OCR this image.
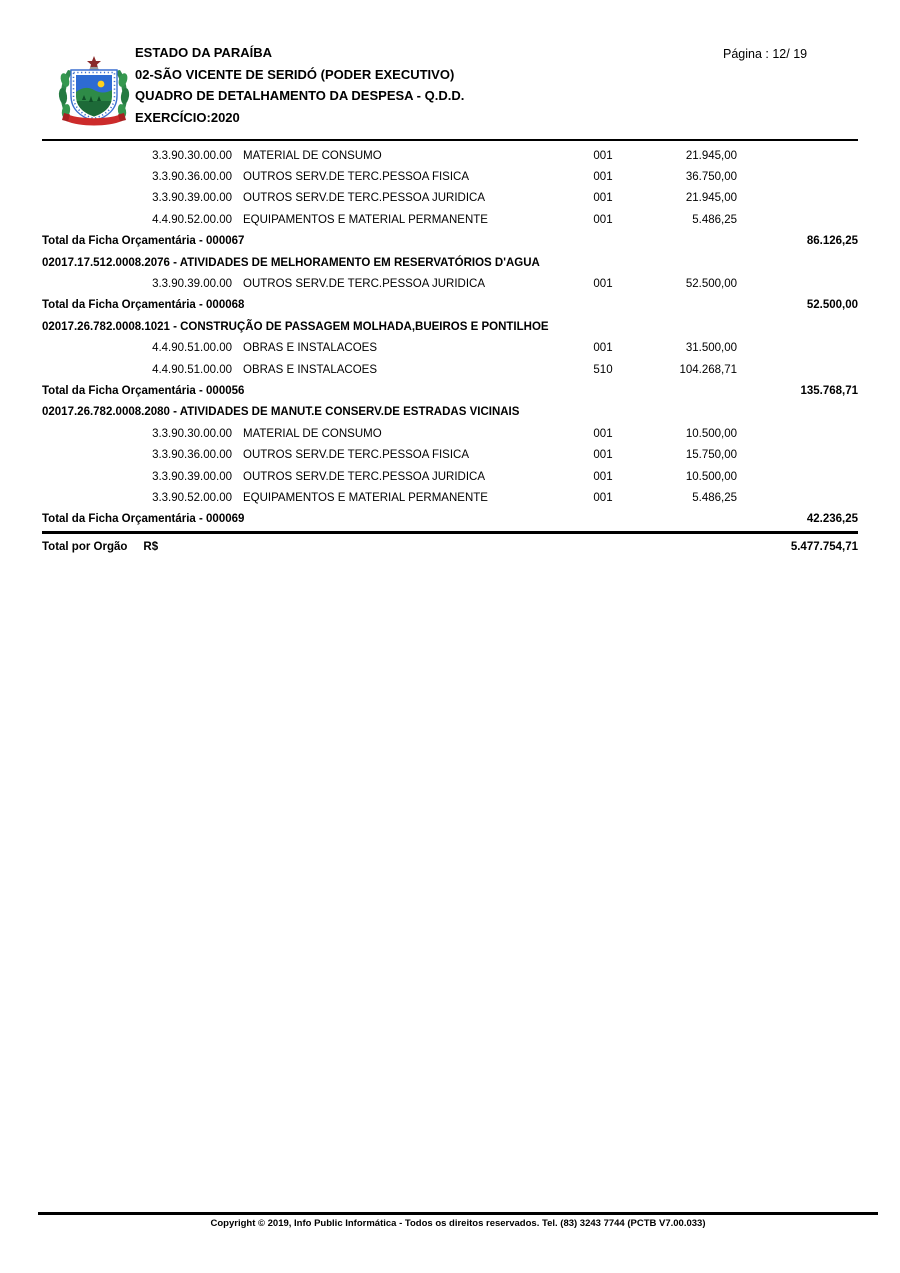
ESTADO DA PARAÍBA
02-SÃO VICENTE DE SERIDÓ (PODER EXECUTIVO)
QUADRO DE DETALHAMENTO DA DESPESA - Q.D.D.
EXERCÍCIO:2020
Página : 12/ 19
3.3.90.30.00.00 MATERIAL DE CONSUMO	001	21.945,00
3.3.90.36.00.00 OUTROS SERV.DE TERC.PESSOA FISICA	001	36.750,00
3.3.90.39.00.00 OUTROS SERV.DE TERC.PESSOA JURIDICA	001	21.945,00
4.4.90.52.00.00 EQUIPAMENTOS E MATERIAL PERMANENTE	001	5.486,25
Total da Ficha Orçamentária - 000067	86.126,25
02017.17.512.0008.2076 - ATIVIDADES DE MELHORAMENTO EM RESERVATÓRIOS D'AGUA
3.3.90.39.00.00 OUTROS SERV.DE TERC.PESSOA JURIDICA	001	52.500,00
Total da Ficha Orçamentária - 000068	52.500,00
02017.26.782.0008.1021 - CONSTRUÇÃO DE PASSAGEM MOLHADA,BUEIROS E PONTILHOE
4.4.90.51.00.00 OBRAS E INSTALACOES	001	31.500,00
4.4.90.51.00.00 OBRAS E INSTALACOES	510	104.268,71
Total da Ficha Orçamentária - 000056	135.768,71
02017.26.782.0008.2080 - ATIVIDADES DE MANUT.E CONSERV.DE ESTRADAS VICINAIS
3.3.90.30.00.00 MATERIAL DE CONSUMO	001	10.500,00
3.3.90.36.00.00 OUTROS SERV.DE TERC.PESSOA FISICA	001	15.750,00
3.3.90.39.00.00 OUTROS SERV.DE TERC.PESSOA JURIDICA	001	10.500,00
3.3.90.52.00.00 EQUIPAMENTOS E MATERIAL PERMANENTE	001	5.486,25
Total da Ficha Orçamentária - 000069	42.236,25
Total por Orgão R$	5.477.754,71
Copyright © 2019, Info Public Informática - Todos os direitos reservados. Tel. (83) 3243 7744 (PCTB V7.00.033)
